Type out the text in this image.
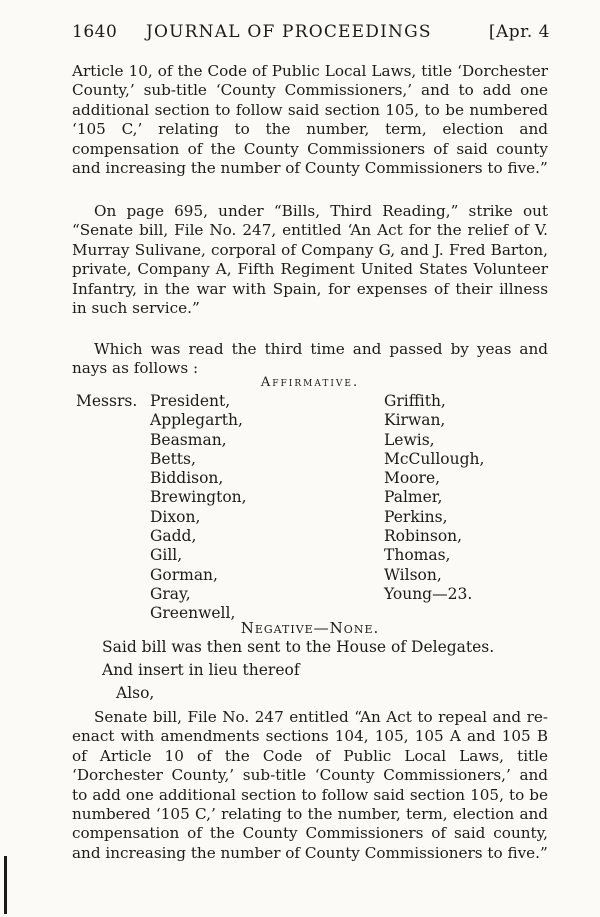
1640 JOURNAL OF PROCEEDINGS	[Apr. 4

Article 10, of the Code of Public Local Laws, title ‘Dorchester County,’ sub-title ‘County Commissioners,’ and to add one additional section to follow said section 105, to be numbered ‘105 C,’ relating to the number, term, election and compensation of the County Commissioners of said county and increasing the number of County Commissioners to five.”

On page 695, under “Bills, Third Reading,” strike out “Senate bill, File No. 247, entitled ‘An Act for the relief of V. Murray Sulivane, corporal of Company G, and J. Fred Barton, private, Company A, Fifth Regiment United States Volunteer Infantry, in the war with Spain, for expenses of their illness in such service.”

Which was read the third time and passed by yeas and nays as follows :

Affirmative.
Messrs. President,
Applegarth,
Beasman,
Betts,
Biddison,
Brewington,
Dixon,
Gadd,
Gill,
Gorman,
Gray,
Greenwell,
Griffith,
Kirwan,
Lewis,
McCullough,
Moore,
Palmer,
Perkins,
Robinson,
Thomas,
Wilson,
Young—23.
Negative—None.
Said bill was then sent to the House of Delegates.
And insert in lieu thereof
Also,

Senate bill, File No. 247 entitled “An Act to repeal and re-enact with amendments sections 104, 105, 105 A and 105 B of Article 10 of the Code of Public Local Laws, title ‘Dorchester County,’ sub-title ‘County Commissioners,’ and to add one additional section to follow said section 105, to be numbered ‘105 C,’ relating to the number, term, election and compensation of the County Commissioners of said county, and increasing the number of County Commissioners to five.”
